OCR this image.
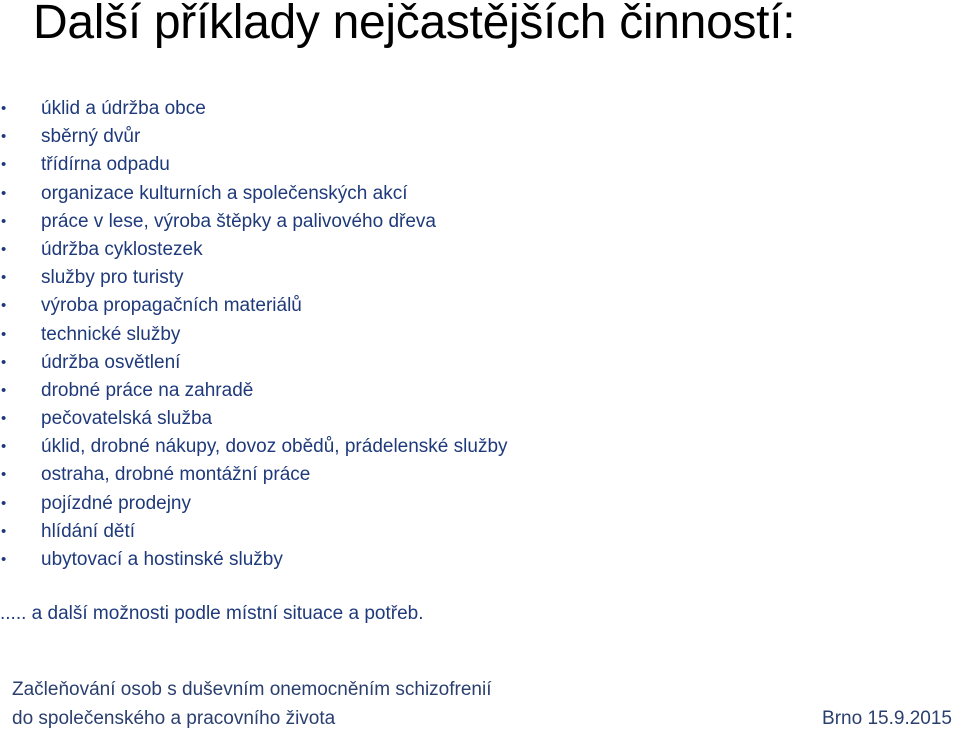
Další příklady nejčastějších činností:
• úklid a údržba obce
• sběrný dvůr
• třídírna odpadu
• organizace kulturních a společenských akcí
• práce v lese, výroba štěpky a palivového dřeva
• údržba cyklostezek
• služby pro turisty
• výroba propagačních materiálů
• technické služby
• údržba osvětlení
• drobné práce na zahradě
• pečovatelská služba
• úklid, drobné nákupy, dovoz obědů, prádelenské služby
• ostraha, drobné montážní práce
• pojízdné prodejny
• hlídání dětí
• ubytovací a hostinské služby
..... a další možnosti podle místní situace a potřeb.
Začleňování osob s duševním onemocněním schizofrenií
do společenského a pracovního života	Brno 15.9.2015
